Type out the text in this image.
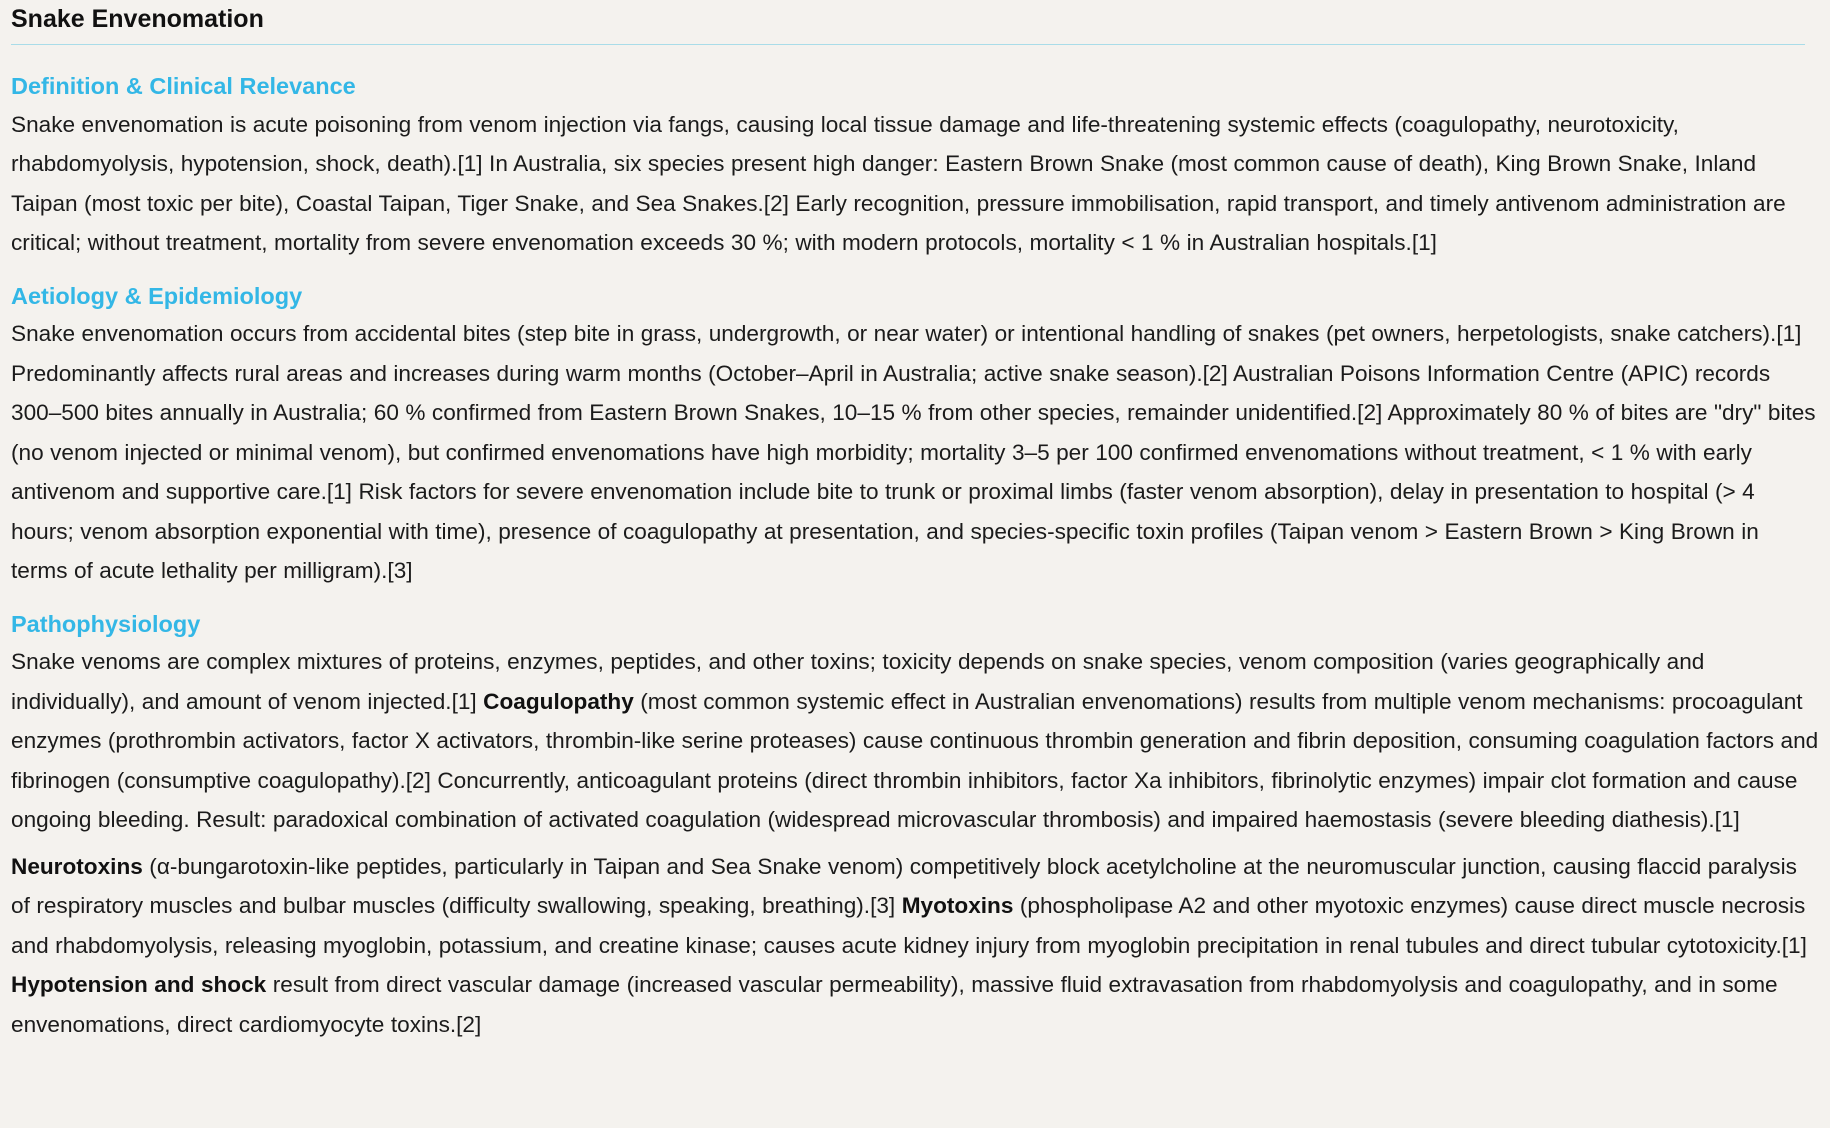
Snake Envenomation
Definition & Clinical Relevance

Snake envenomation is acute poisoning from venom injection via fangs, causing local tissue damage and life-threatening systemic effects (coagulopathy, neurotoxicity, rhabdomyolysis, hypotension, shock, death).[1] In Australia, six species present high danger: Eastern Brown Snake (most common cause of death), King Brown Snake, Inland Taipan (most toxic per bite), Coastal Taipan, Tiger Snake, and Sea Snakes.[2] Early recognition, pressure immobilisation, rapid transport, and timely antivenom administration are critical; without treatment, mortality from severe envenomation exceeds 30 %; with modern protocols, mortality < 1 % in Australian hospitals.[1]

Aetiology & Epidemiology

Snake envenomation occurs from accidental bites (step bite in grass, undergrowth, or near water) or intentional handling of snakes (pet owners, herpetologists, snake catchers).[1] Predominantly affects rural areas and increases during warm months (October–April in Australia; active snake season).[2] Australian Poisons Information Centre (APIC) records 300–500 bites annually in Australia; 60 % confirmed from Eastern Brown Snakes, 10–15 % from other species, remainder unidentified.[2] Approximately 80 % of bites are "dry" bites (no venom injected or minimal venom), but confirmed envenomations have high morbidity; mortality 3–5 per 100 confirmed envenomations without treatment, < 1 % with early antivenom and supportive care.[1] Risk factors for severe envenomation include bite to trunk or proximal limbs (faster venom absorption), delay in presentation to hospital (> 4 hours; venom absorption exponential with time), presence of coagulopathy at presentation, and species-specific toxin profiles (Taipan venom > Eastern Brown > King Brown in terms of acute lethality per milligram).[3]

Pathophysiology

Snake venoms are complex mixtures of proteins, enzymes, peptides, and other toxins; toxicity depends on snake species, venom composition (varies geographically and individually), and amount of venom injected.[1] Coagulopathy (most common systemic effect in Australian envenomations) results from multiple venom mechanisms: procoagulant enzymes (prothrombin activators, factor X activators, thrombin-like serine proteases) cause continuous thrombin generation and fibrin deposition, consuming coagulation factors and fibrinogen (consumptive coagulopathy).[2] Concurrently, anticoagulant proteins (direct thrombin inhibitors, factor Xa inhibitors, fibrinolytic enzymes) impair clot formation and cause ongoing bleeding. Result: paradoxical combination of activated coagulation (widespread microvascular thrombosis) and impaired haemostasis (severe bleeding diathesis).[1]

Neurotoxins (α-bungarotoxin-like peptides, particularly in Taipan and Sea Snake venom) competitively block acetylcholine at the neuromuscular junction, causing flaccid paralysis of respiratory muscles and bulbar muscles (difficulty swallowing, speaking, breathing).[3] Myotoxins (phospholipase A2 and other myotoxic enzymes) cause direct muscle necrosis and rhabdomyolysis, releasing myoglobin, potassium, and creatine kinase; causes acute kidney injury from myoglobin precipitation in renal tubules and direct tubular cytotoxicity.[1] Hypotension and shock result from direct vascular damage (increased vascular permeability), massive fluid extravasation from rhabdomyolysis and coagulopathy, and in some envenomations, direct cardiomyocyte toxins.[2]
